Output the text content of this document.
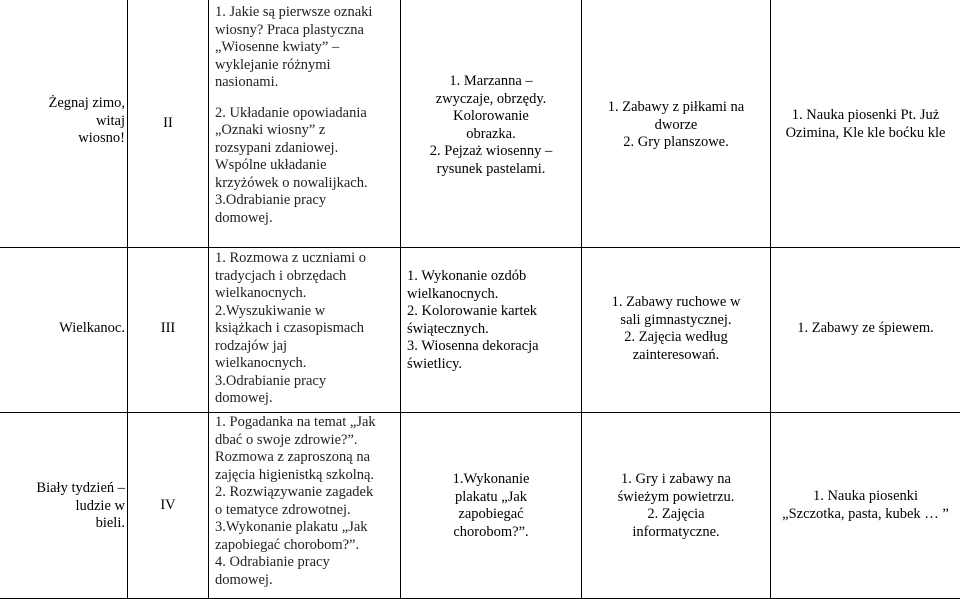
Żegnaj zimo,
witaj
wiosno!
II
1. Jakie są pierwsze oznaki
wiosny? Praca plastyczna
„Wiosenne kwiaty” –
wyklejanie różnymi
nasionami.
2. Układanie opowiadania
„Oznaki wiosny” z
rozsypani zdaniowej.
Wspólne układanie
krzyżówek o nowalijkach.
3.Odrabianie pracy
domowej.
1. Marzanna –
zwyczaje, obrzędy.
Kolorowanie
obrazka.
2. Pejzaż wiosenny –
rysunek pastelami.
1. Zabawy z piłkami na
dworze
2. Gry planszowe.
1. Nauka piosenki Pt. Już
Ozimina, Kle kle boćku kle
Wielkanoc.	III
1. Rozmowa z uczniami o
tradycjach i obrzędach
wielkanocnych.
2.Wyszukiwanie w
książkach i czasopismach
rodzajów jaj
wielkanocnych.
3.Odrabianie pracy
domowej.
1. Wykonanie ozdób
wielkanocnych.
2. Kolorowanie kartek
świątecznych.
3. Wiosenna dekoracja
świetlicy.
1. Zabawy ruchowe w
sali gimnastycznej.
2. Zajęcia według
zainteresowań.
1. Zabawy ze śpiewem.
Biały tydzień –
ludzie w
bieli.
IV
1. Pogadanka na temat „Jak
dbać o swoje zdrowie?”.
Rozmowa z zaproszoną na
zajęcia higienistką szkolną.
2. Rozwiązywanie zagadek
o tematyce zdrowotnej.
3.Wykonanie plakatu „Jak
zapobiegać chorobom?”.
4. Odrabianie pracy
domowej.
1.Wykonanie
plakatu „Jak
zapobiegać
chorobom?”.
1. Gry i zabawy na
świeżym powietrzu.
2. Zajęcia
informatyczne.
1. Nauka piosenki
„Szczotka, pasta, kubek … ”
